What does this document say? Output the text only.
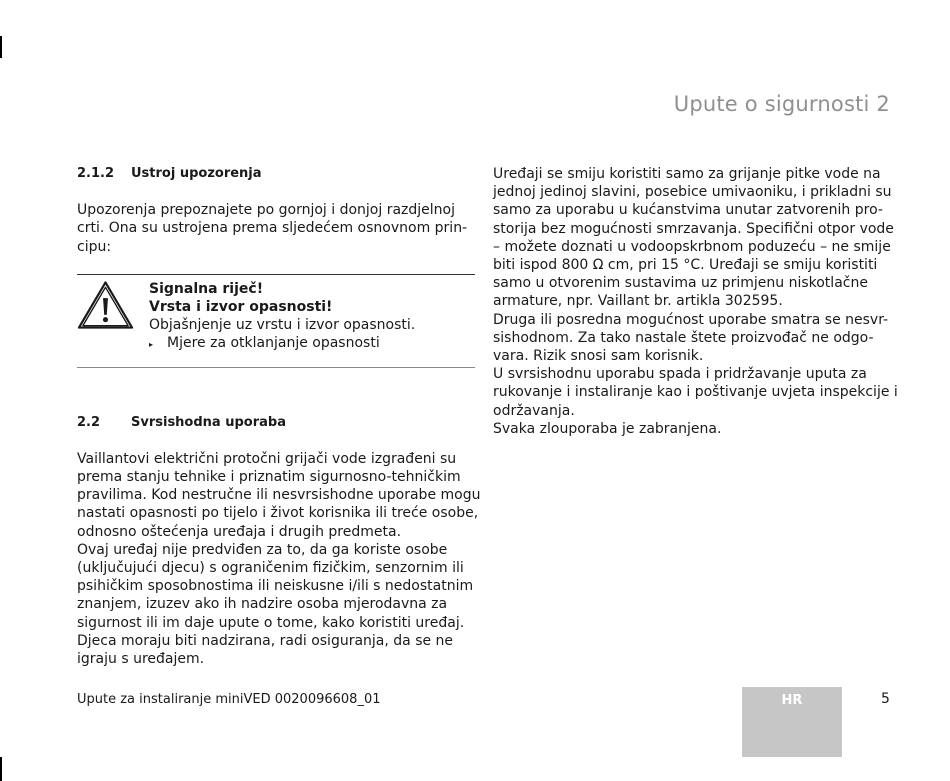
Upute o sigurnosti 2
2.1.2	Ustroj upozorenja

Upozorenja prepoznajete po gornjoj i donjoj razdjelnoj
crti. Ona su ustrojena prema sljedećem osnovnom prin-
cipu:

Signalna riječ!
Vrsta i izvor opasnosti!
Objašnjenje uz vrstu i izvor opasnosti.
▸ Mjere za otklanjanje opasnosti
2.2	Svrsishodna uporaba

Vaillantovi električni protočni grijači vode izgrađeni su
prema stanju tehnike i priznatim sigurnosno-tehničkim
pravilima. Kod nestručne ili nesvrsishodne uporabe mogu
nastati opasnosti po tijelo i život korisnika ili treće osobe,
odnosno oštećenja uređaja i drugih predmeta.

Ovaj uređaj nije predviđen za to, da ga koriste osobe
(uključujući djecu) s ograničenim fizičkim, senzornim ili
psihičkim sposobnostima ili neiskusne i/ili s nedostatnim
znanjem, izuzev ako ih nadzire osoba mjerodavna za
sigurnost ili im daje upute o tome, kako koristiti uređaj.

Djeca moraju biti nadzirana, radi osiguranja, da se ne
igraju s uređajem.

Uređaji se smiju koristiti samo za grijanje pitke vode na
jednoj jedinoj slavini, posebice umivaoniku, i prikladni su
samo za uporabu u kućanstvima unutar zatvorenih pro-
storija bez mogućnosti smrzavanja. Specifični otpor vode
– možete doznati u vodoopskrbnom poduzeću – ne smije
biti ispod 800 Ω cm, pri 15 °C. Uređaji se smiju koristiti
samo u otvorenim sustavima uz primjenu niskotlačne
armature, npr. Vaillant br. artikla 302595.

Druga ili posredna mogućnost uporabe smatra se nesvr-
sishodnom. Za tako nastale štete proizvođač ne odgo-
vara. Rizik snosi sam korisnik.

U svrsishodnu uporabu spada i pridržavanje uputa za
rukovanje i instaliranje kao i poštivanje uvjeta inspekcije i
održavanja.

Svaka zlouporaba je zabranjena.

Upute za instaliranje miniVED 0020096608_01	HR	5
